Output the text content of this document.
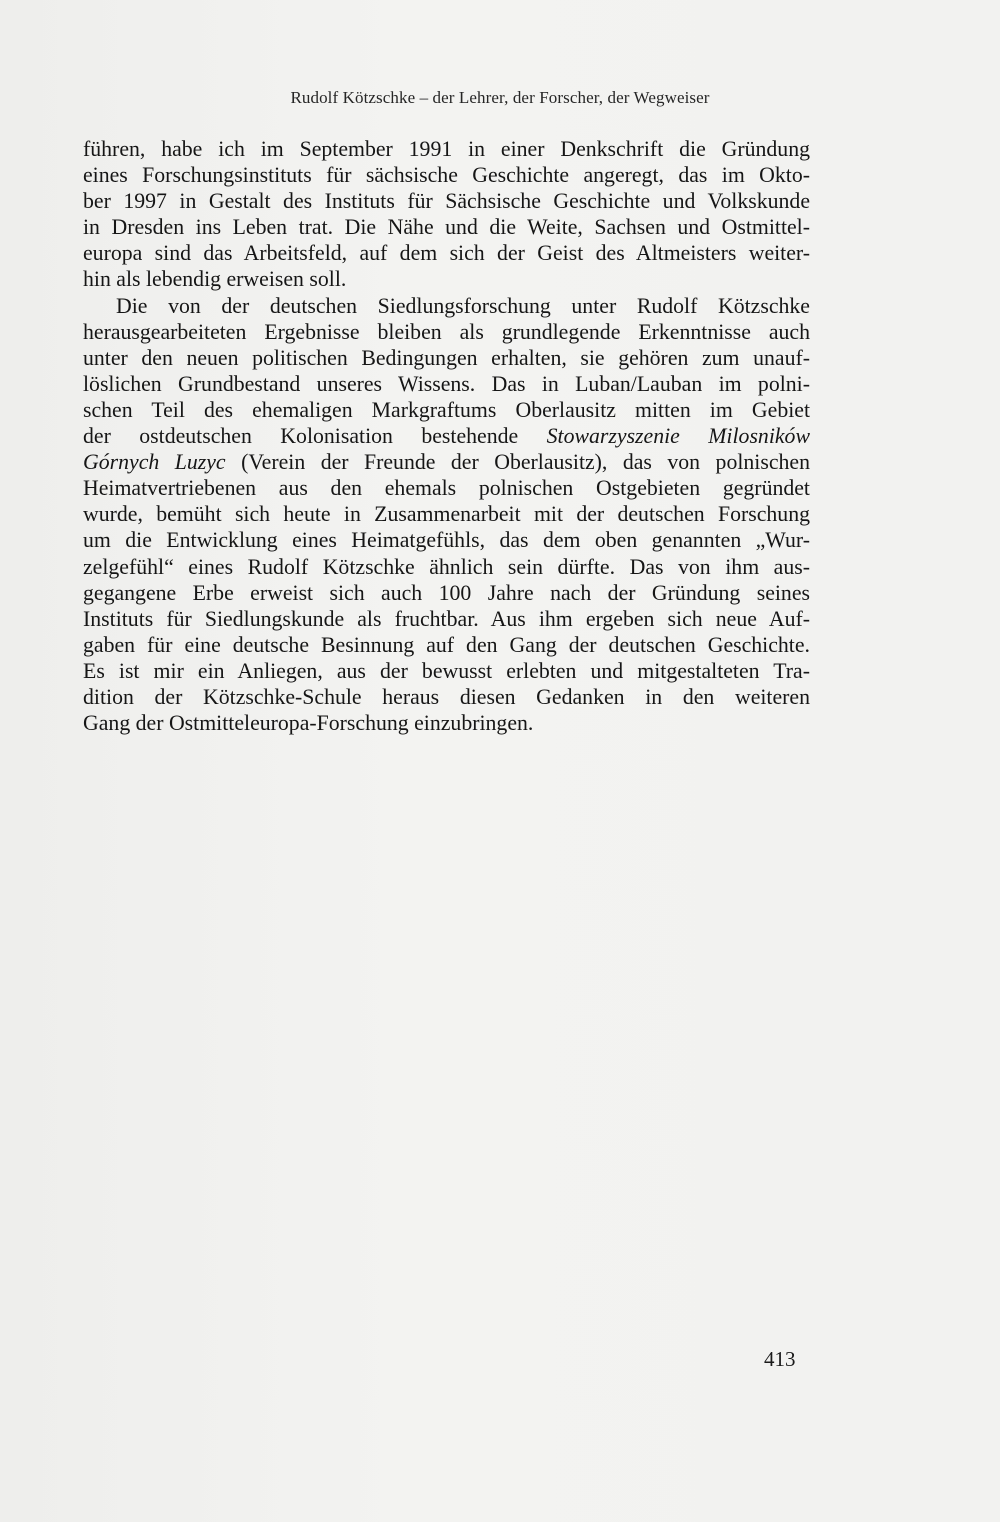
Rudolf Kötzschke – der Lehrer, der Forscher, der Wegweiser
führen, habe ich im September 1991 in einer Denkschrift die Gründung
eines Forschungsinstituts für sächsische Geschichte angeregt, das im Okto-
ber 1997 in Gestalt des Instituts für Sächsische Geschichte und Volkskunde
in Dresden ins Leben trat. Die Nähe und die Weite, Sachsen und Ostmittel-
europa sind das Arbeitsfeld, auf dem sich der Geist des Altmeisters weiter-
hin als lebendig erweisen soll.
Die von der deutschen Siedlungsforschung unter Rudolf Kötzschke
herausgearbeiteten Ergebnisse bleiben als grundlegende Erkenntnisse auch
unter den neuen politischen Bedingungen erhalten, sie gehören zum unauf-
löslichen Grundbestand unseres Wissens. Das in Luban/Lauban im polni-
schen Teil des ehemaligen Markgraftums Oberlausitz mitten im Gebiet
der ostdeutschen Kolonisation bestehende Stowarzyszenie Milosników
Górnych Luzyc (Verein der Freunde der Oberlausitz), das von polnischen
Heimatvertriebenen aus den ehemals polnischen Ostgebieten gegründet
wurde, bemüht sich heute in Zusammenarbeit mit der deutschen Forschung
um die Entwicklung eines Heimatgefühls, das dem oben genannten „Wur-
zelgefühl“ eines Rudolf Kötzschke ähnlich sein dürfte. Das von ihm aus-
gegangene Erbe erweist sich auch 100 Jahre nach der Gründung seines
Instituts für Siedlungskunde als fruchtbar. Aus ihm ergeben sich neue Auf-
gaben für eine deutsche Besinnung auf den Gang der deutschen Geschichte.
Es ist mir ein Anliegen, aus der bewusst erlebten und mitgestalteten Tra-
dition der Kötzschke-Schule heraus diesen Gedanken in den weiteren
Gang der Ostmitteleuropa-Forschung einzubringen.
413
